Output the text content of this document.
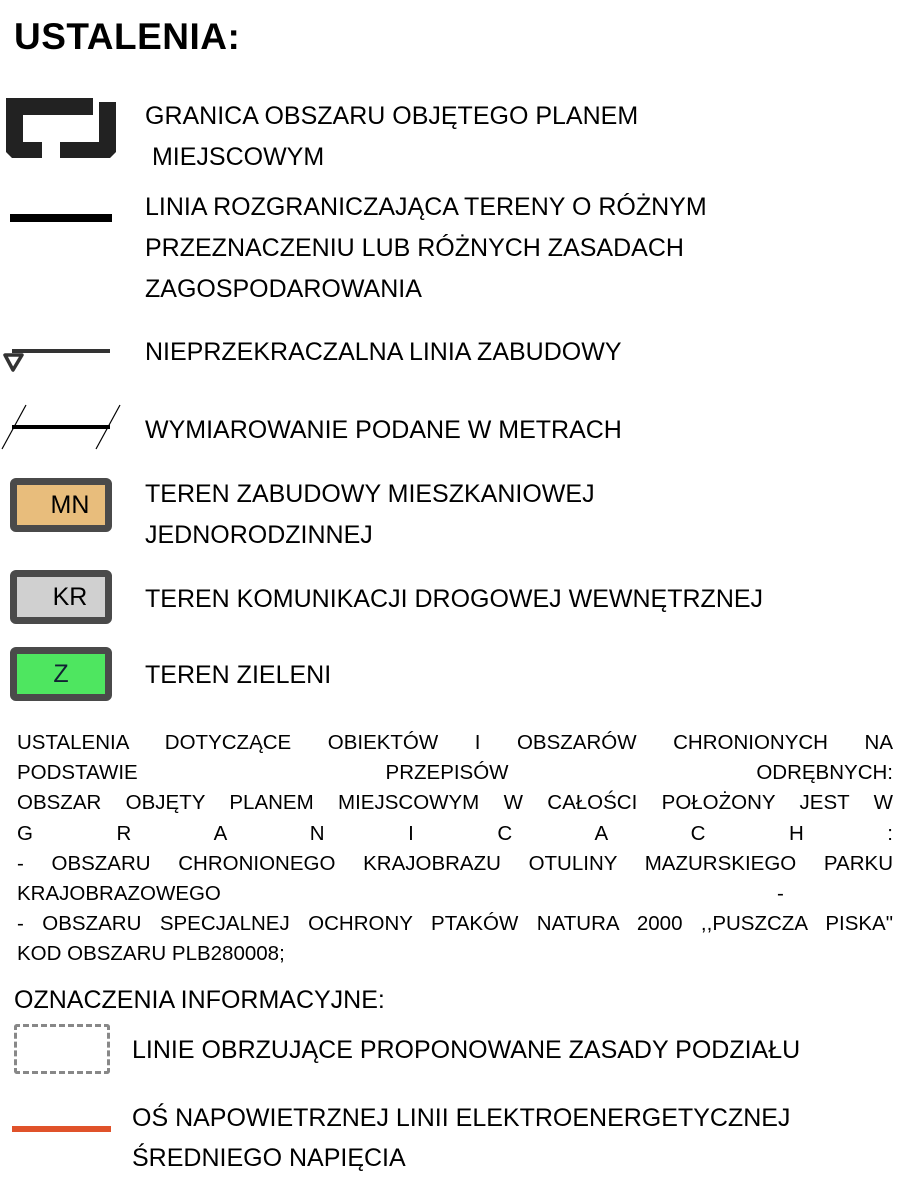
USTALENIA:
GRANICA OBSZARU OBJĘTEGO PLANEM
MIEJSCOWYM
LINIA ROZGRANICZAJĄCA TERENY O RÓŻNYM
PRZEZNACZENIU LUB RÓŻNYCH ZASADACH
ZAGOSPODAROWANIA
NIEPRZEKRACZALNA LINIA ZABUDOWY
WYMIAROWANIE PODANE W METRACH
MN	TEREN ZABUDOWY MIESZKANIOWEJ
JEDNORODZINNEJ
KR	TEREN KOMUNIKACJI DROGOWEJ WEWNĘTRZNEJ
Z	TEREN ZIELENI
USTALENIA DOTYCZĄCE OBIEKTÓW I OBSZARÓW CHRONIONYCH NA
PODSTAWIE PRZEPISÓW ODRĘBNYCH:
OBSZAR OBJĘTY PLANEM MIEJSCOWYM W CAŁOŚCI POŁOŻONY JEST W
G R A N I C A C H :
- OBSZARU CHRONIONEGO KRAJOBRAZU OTULINY MAZURSKIEGO PARKU
KRAJOBRAZOWEGO	-
- OBSZARU SPECJALNEJ OCHRONY PTAKÓW NATURA 2000 ,,PUSZCZA PISKA"
KOD OBSZARU PLB280008;
OZNACZENIA INFORMACYJNE:
LINIE OBRZUJĄCE PROPONOWANE ZASADY PODZIAŁU
OŚ NAPOWIETRZNEJ LINII ELEKTROENERGETYCZNEJ
ŚREDNIEGO NAPIĘCIA
